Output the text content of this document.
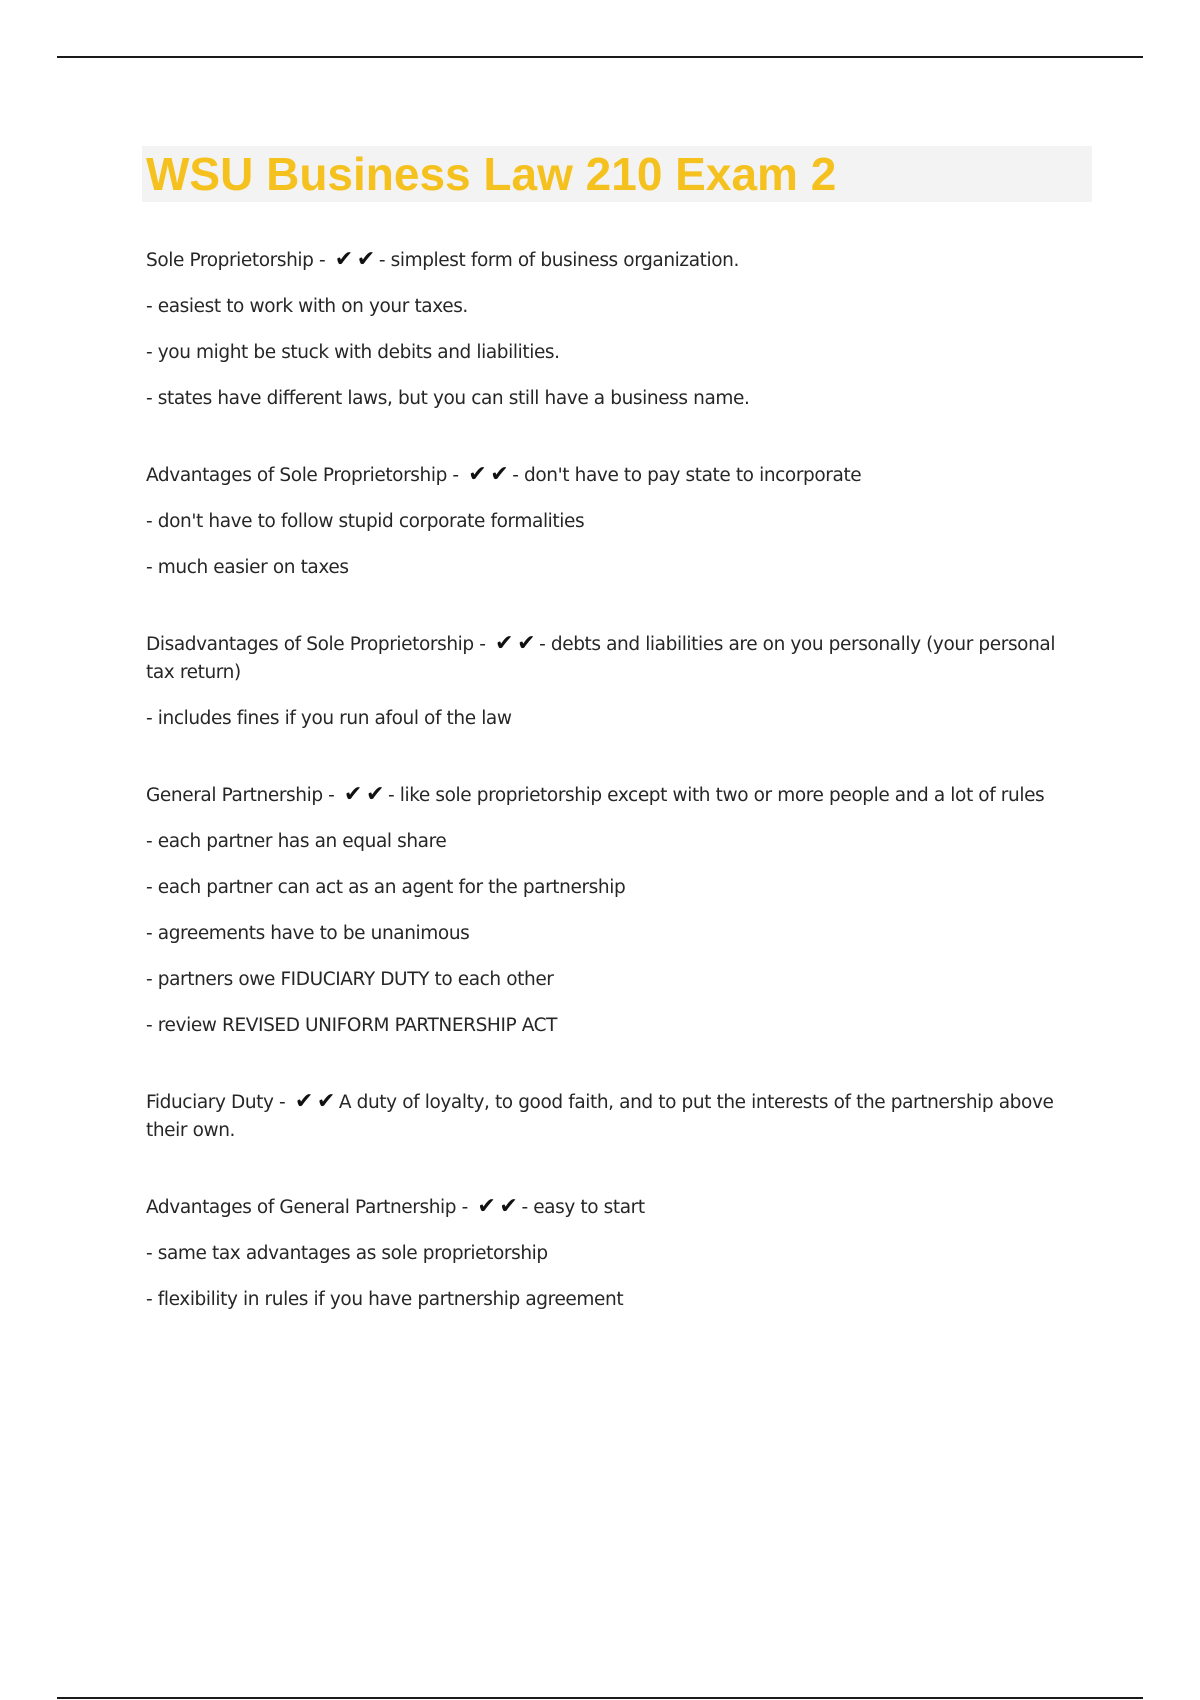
WSU Business Law 210 Exam 2

Sole Proprietorship - ✔ ✔ - simplest form of business organization.

- easiest to work with on your taxes.

- you might be stuck with debits and liabilities.

- states have different laws, but you can still have a business name.

Advantages of Sole Proprietorship - ✔ ✔ - don't have to pay state to incorporate

- don't have to follow stupid corporate formalities

- much easier on taxes

Disadvantages of Sole Proprietorship - ✔ ✔ - debts and liabilities are on you personally (your personal tax return)

- includes fines if you run afoul of the law

General Partnership - ✔ ✔ - like sole proprietorship except with two or more people and a lot of rules

- each partner has an equal share

- each partner can act as an agent for the partnership

- agreements have to be unanimous

- partners owe FIDUCIARY DUTY to each other

- review REVISED UNIFORM PARTNERSHIP ACT

Fiduciary Duty - ✔ ✔ A duty of loyalty, to good faith, and to put the interests of the partnership above their own.

Advantages of General Partnership - ✔ ✔ - easy to start

- same tax advantages as sole proprietorship

- flexibility in rules if you have partnership agreement
